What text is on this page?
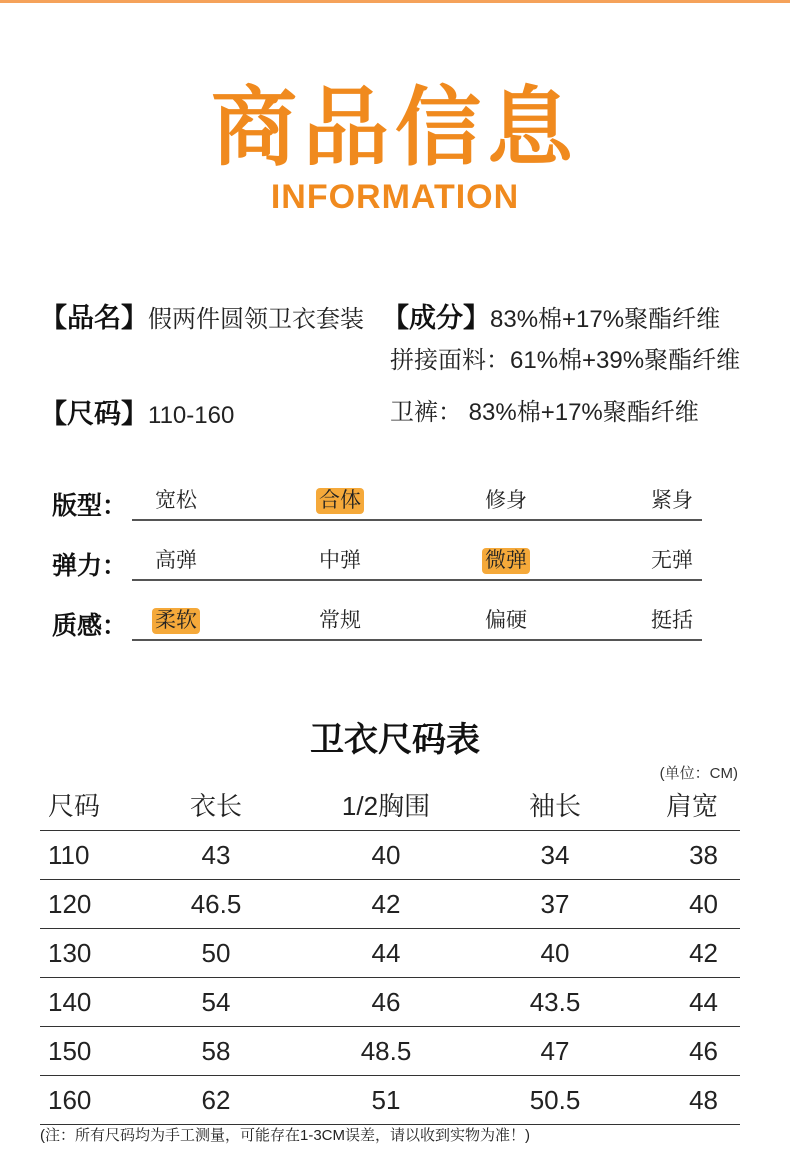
商品信息
INFORMATION
【品名】假两件圆领卫衣套装
【尺码】110-160
【成分】83%棉+17%聚酯纤维
拼接面料：61%棉+39%聚酯纤维
卫裤： 83%棉+17%聚酯纤维
版型： 宽松	合体	修身	紧身
弹力： 高弹	中弹	微弹	无弹
质感： 柔软	常规	偏硬	挺括
卫衣尺码表
(单位：CM)
尺码	衣长	1/2胸围	袖长	肩宽
110	43	40	34	38
120	46.5	42	37	40
130	50	44	40	42
140	54	46	43.5	44
150	58	48.5	47	46
160	62	51	50.5	48
(注：所有尺码均为手工测量，可能存在1-3CM误差，请以收到实物为准！)
